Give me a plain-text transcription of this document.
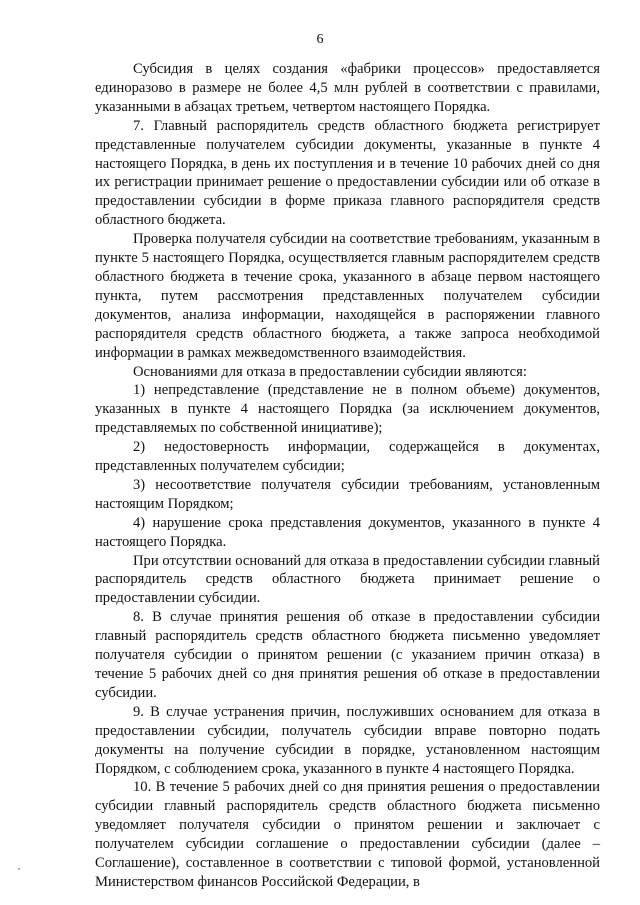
6

Субсидия в целях создания «фабрики процессов» предоставляется единоразово в размере не более 4,5 млн рублей в соответствии с правилами, указанными в абзацах третьем, четвертом настоящего Порядка.

7. Главный распорядитель средств областного бюджета регистрирует представленные получателем субсидии документы, указанные в пункте 4 настоящего Порядка, в день их поступления и в течение 10 рабочих дней со дня их регистрации принимает решение о предоставлении субсидии или об отказе в предоставлении субсидии в форме приказа главного распорядителя средств областного бюджета.

Проверка получателя субсидии на соответствие требованиям, указанным в пункте 5 настоящего Порядка, осуществляется главным распорядителем средств областного бюджета в течение срока, указанного в абзаце первом настоящего пункта, путем рассмотрения представленных получателем субсидии документов, анализа информации, находящейся в распоряжении главного распорядителя средств областного бюджета, а также запроса необходимой информации в рамках межведомственного взаимодействия.

Основаниями для отказа в предоставлении субсидии являются:

1) непредставление (представление не в полном объеме) документов, указанных в пункте 4 настоящего Порядка (за исключением документов, представляемых по собственной инициативе);

2) недостоверность информации, содержащейся в документах, представленных получателем субсидии;

3) несоответствие получателя субсидии требованиям, установленным настоящим Порядком;

4) нарушение срока представления документов, указанного в пункте 4 настоящего Порядка.

При отсутствии оснований для отказа в предоставлении субсидии главный распорядитель средств областного бюджета принимает решение о предоставлении субсидии.

8. В случае принятия решения об отказе в предоставлении субсидии главный распорядитель средств областного бюджета письменно уведомляет получателя субсидии о принятом решении (с указанием причин отказа) в течение 5 рабочих дней со дня принятия решения об отказе в предоставлении субсидии.

9. В случае устранения причин, послуживших основанием для отказа в предоставлении субсидии, получатель субсидии вправе повторно подать документы на получение субсидии в порядке, установленном настоящим Порядком, с соблюдением срока, указанного в пункте 4 настоящего Порядка.

10. В течение 5 рабочих дней со дня принятия решения о предоставлении субсидии главный распорядитель средств областного бюджета письменно уведомляет получателя субсидии о принятом решении и заключает с получателем субсидии соглашение о предоставлении субсидии (далее – Соглашение), составленное в соответствии с типовой формой, установленной Министерством финансов Российской Федерации, в
